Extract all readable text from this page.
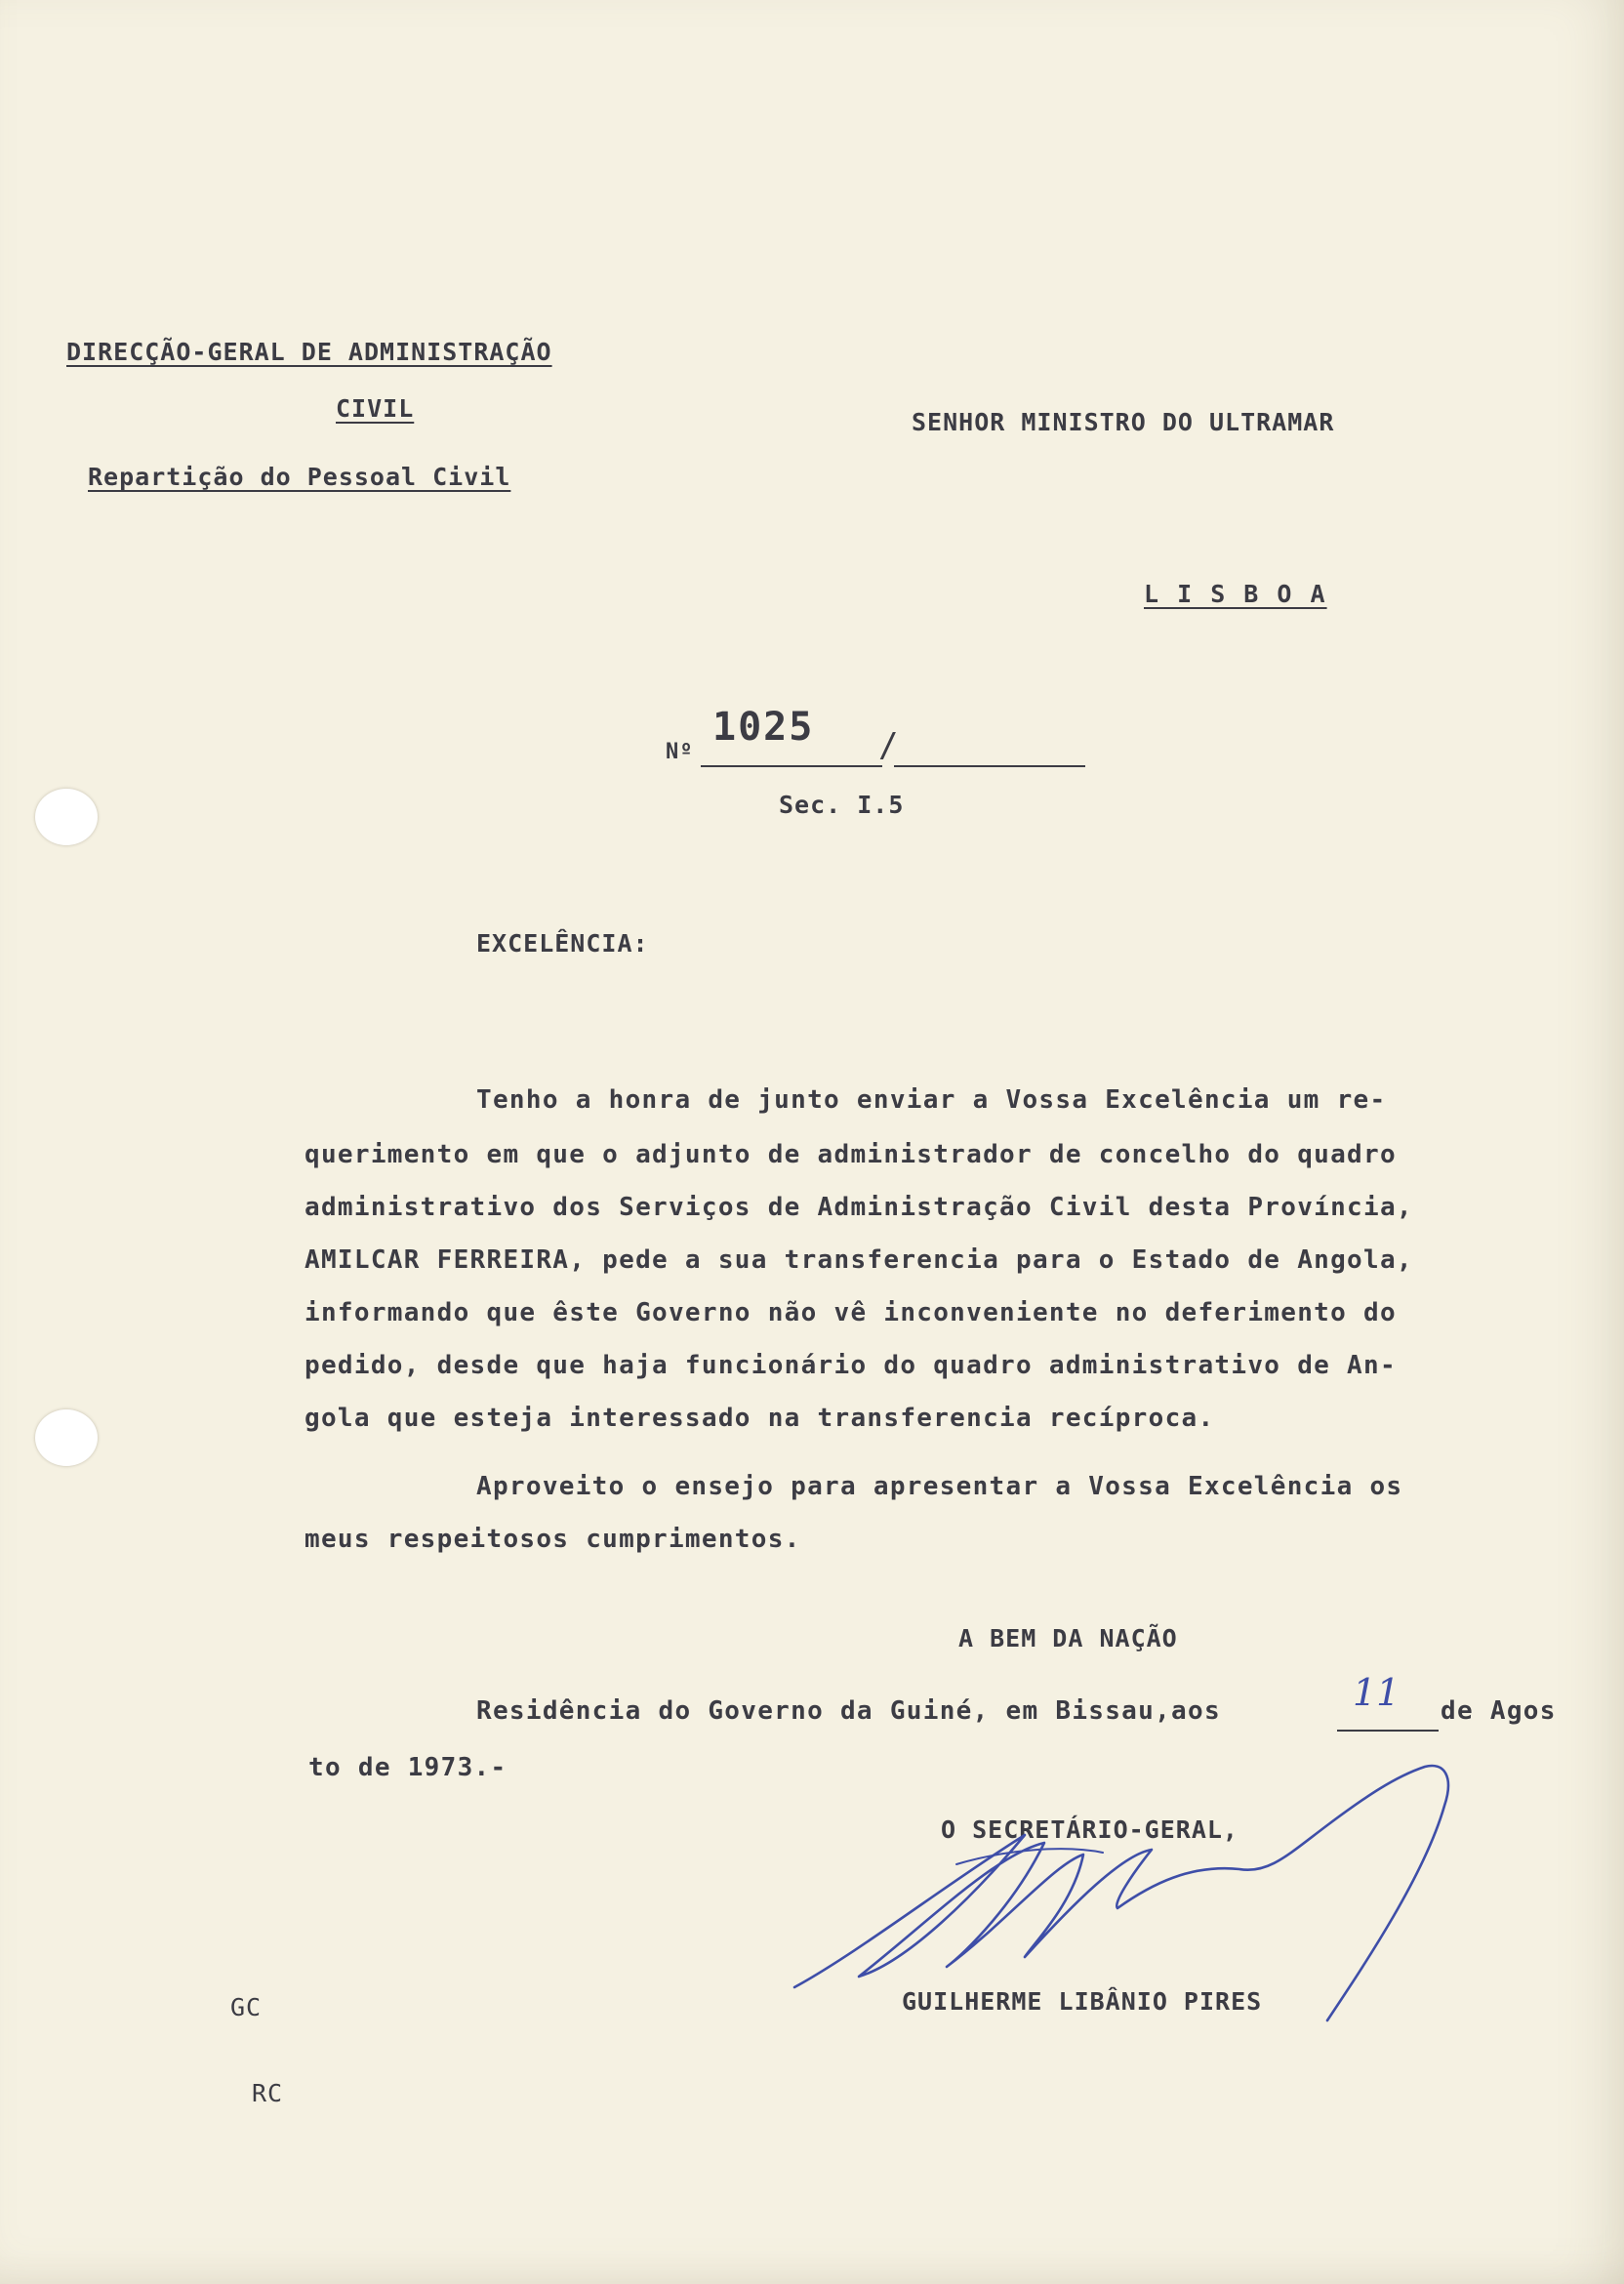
DIRECÇÃO-GERAL DE ADMINISTRAÇÃO
CIVIL
Repartição do Pessoal Civil
SENHOR MINISTRO DO ULTRAMAR
L I S B O A
Nº	/
1025
Sec. I.5
EXCELÊNCIA:
Tenho a honra de junto enviar a Vossa Excelência um re-
querimento em que o adjunto de administrador de concelho do quadro
administrativo dos Serviços de Administração Civil desta Província,
AMILCAR FERREIRA, pede a sua transferencia para o Estado de Angola,
informando que êste Governo não vê inconveniente no deferimento do
pedido, desde que haja funcionário do quadro administrativo de An-
gola que esteja interessado na transferencia recíproca.
Aproveito o ensejo para apresentar a Vossa Excelência os
meus respeitosos cumprimentos.
A BEM DA NAÇÃO
Residência do Governo da Guiné, em Bissau,aos	11 de Agos
to de 1973.-
O SECRETÁRIO-GERAL,
GUILHERME LIBÂNIO PIRES
GC
RC
